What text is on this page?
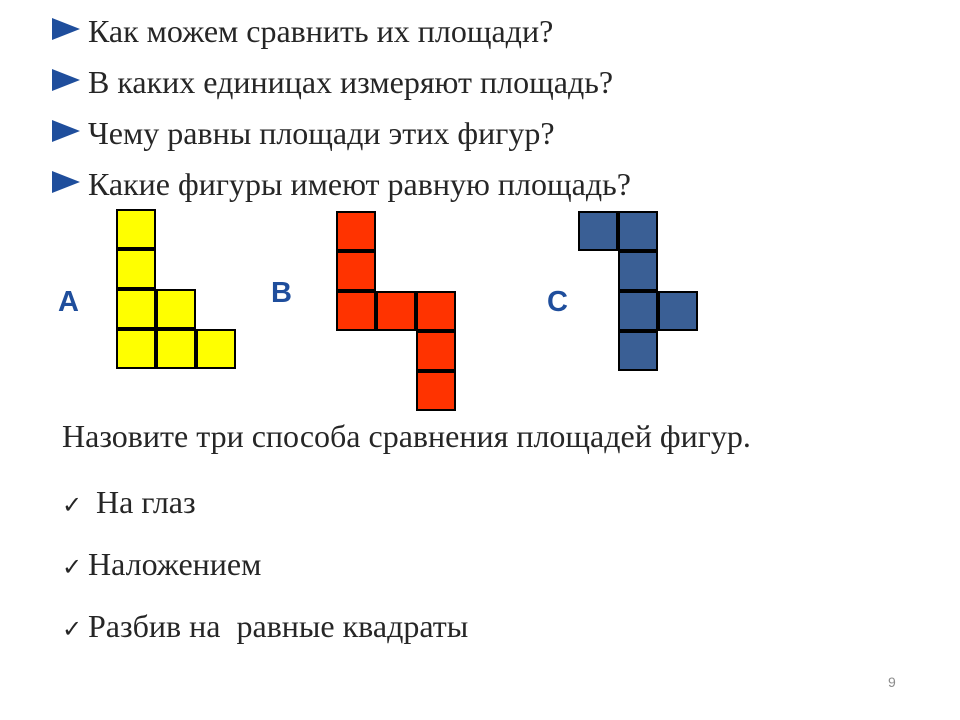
Как можем сравнить их площади?
В каких единицах измеряют площадь?
Чему равны площади этих фигур?
Какие фигуры имеют равную площадь?
A	B	C
Назовите три способа сравнения площадей фигур.
✓ На глаз
✓ Наложением
✓ Разбив на  равные квадраты
9
